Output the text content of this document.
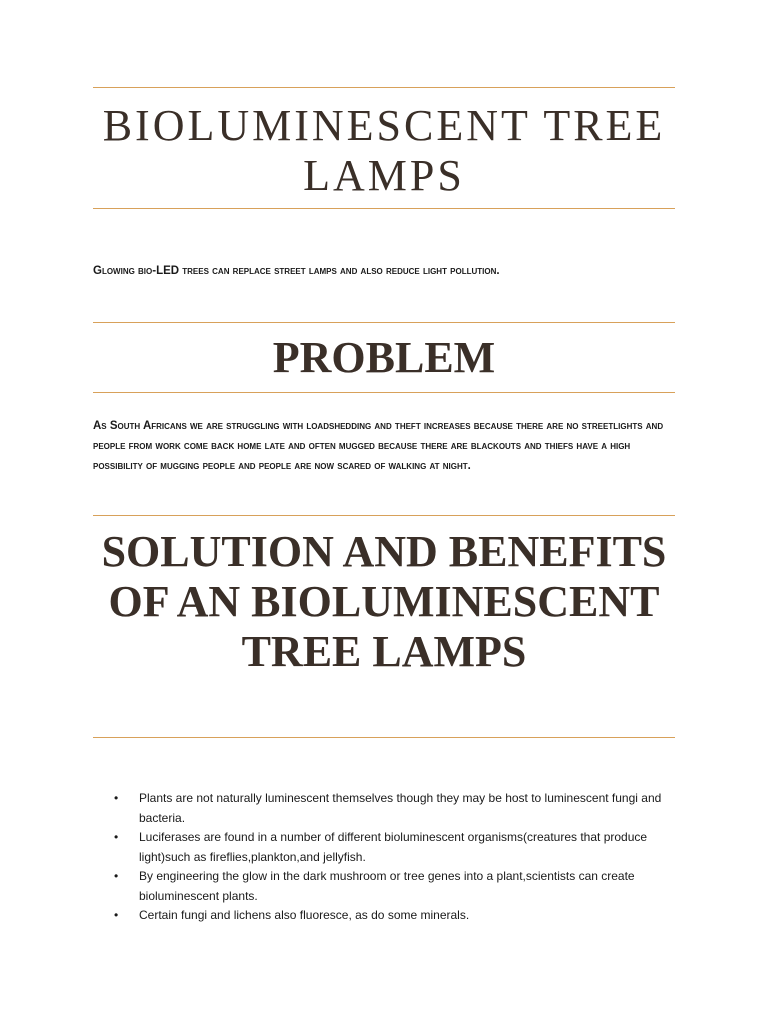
BIOLUMINESCENT TREE LAMPS

Glowing bio-LED trees can replace street lamps and also reduce light pollution.

PROBLEM

As South Africans we are struggling with loadshedding and theft increases because there are no streetlights and people from work come back home late and often mugged because there are blackouts and thiefs have a high possibility of mugging people and people are now scared of walking at night.

SOLUTION AND BENEFITS OF AN BIOLUMINESCENT TREE LAMPS
• Plants are not naturally luminescent themselves though they may be host to luminescent fungi and bacteria.
• Luciferases are found in a number of different bioluminescent organisms(creatures that produce light)such as fireflies,plankton,and jellyfish.
• By engineering the glow in the dark mushroom or tree genes into a plant,scientists can create bioluminescent plants.
• Certain fungi and lichens also fluoresce, as do some minerals.
